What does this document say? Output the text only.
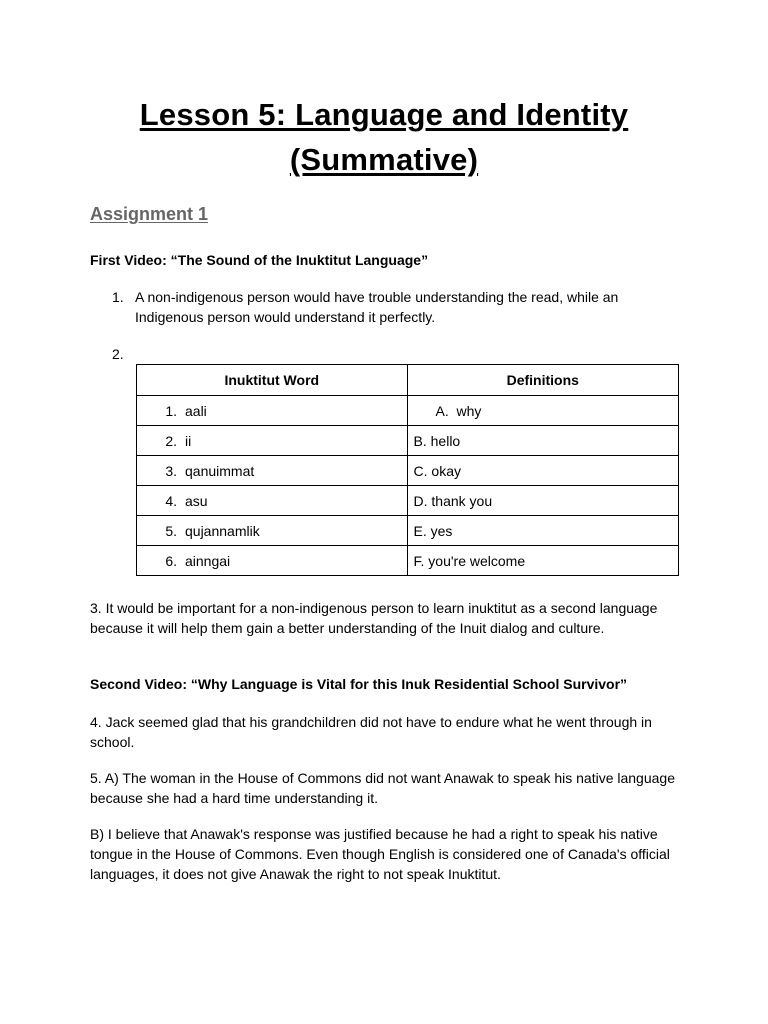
Lesson 5: Language and Identity
(Summative)
Assignment 1
First Video: “The Sound of the Inuktitut Language”
1. A non-indigenous person would have trouble understanding the read, while an Indigenous person would understand it perfectly.
2.
Inuktitut Word	Definitions
1. aali	A.  why
2. ii	B. hello
3. qanuimmat	C. okay
4. asu	D. thank you
5. qujannamlik	E. yes
6. ainngai	F. you're welcome
3. It would be important for a non-indigenous person to learn inuktitut as a second language because it will help them gain a better understanding of the Inuit dialog and culture.
Second Video: “Why Language is Vital for this Inuk Residential School Survivor”
4. Jack seemed glad that his grandchildren did not have to endure what he went through in school.
5. A) The woman in the House of Commons did not want Anawak to speak his native language because she had a hard time understanding it.
B) I believe that Anawak's response was justified because he had a right to speak his native tongue in the House of Commons. Even though English is considered one of Canada's official languages, it does not give Anawak the right to not speak Inuktitut.
